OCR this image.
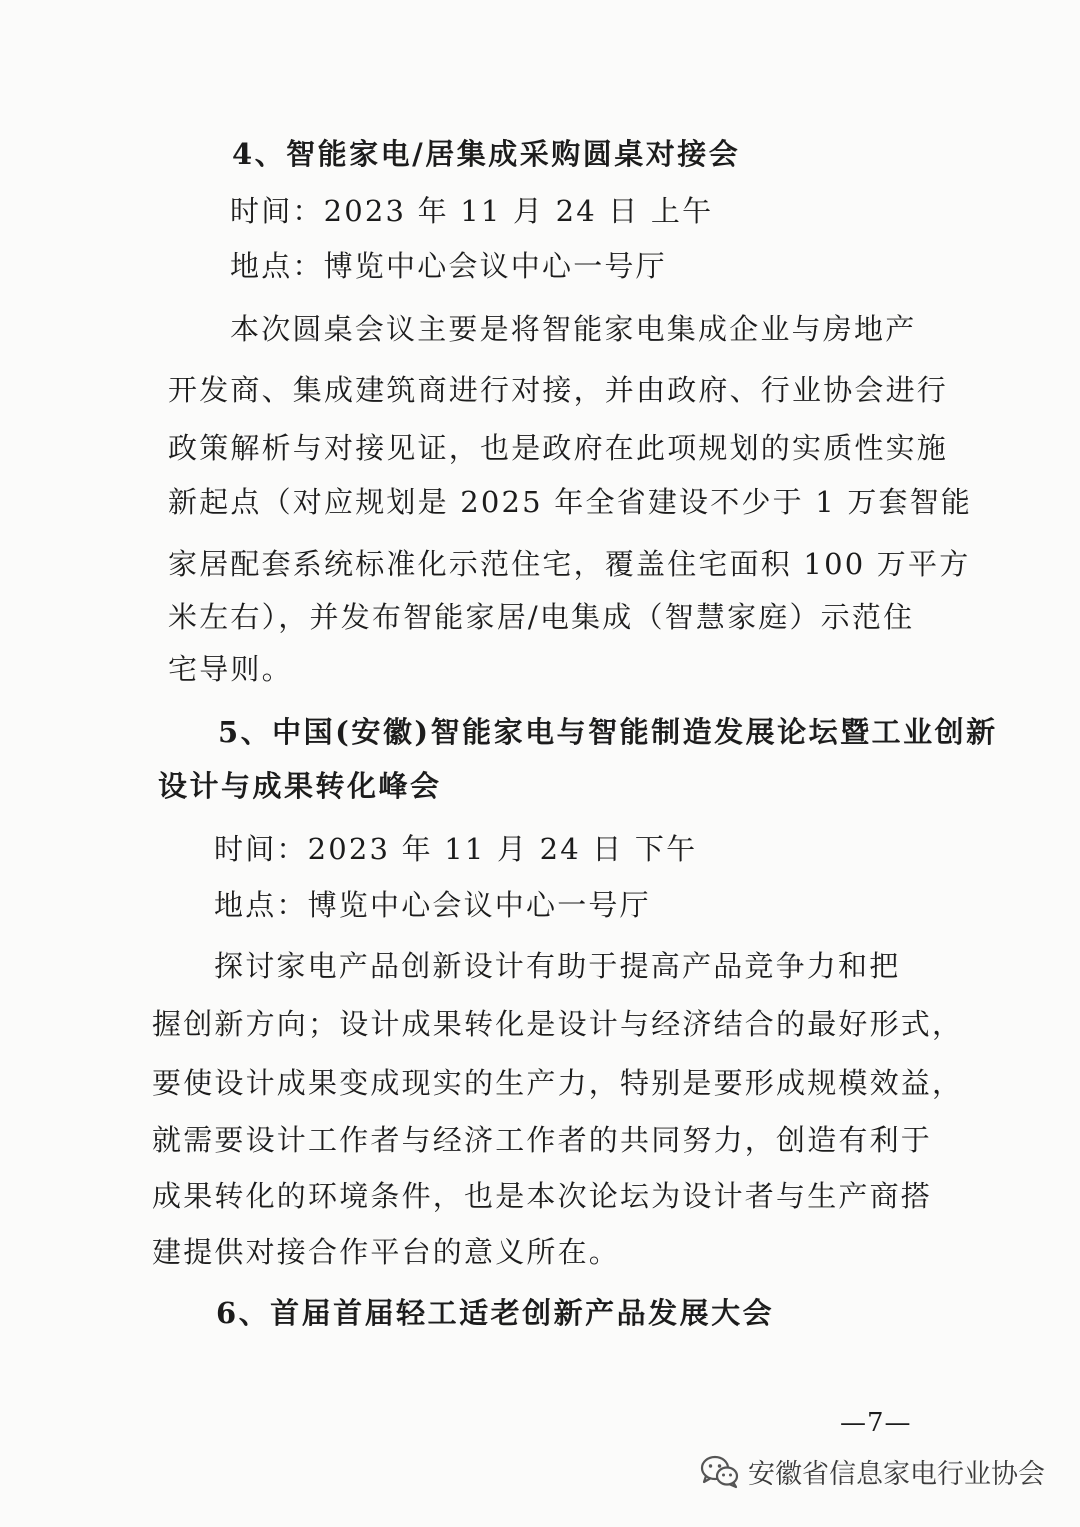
4、智能家电/居集成采购圆桌对接会
时间：2023 年 11 月 24 日 上午
地点：博览中心会议中心一号厅
本次圆桌会议主要是将智能家电集成企业与房地产
开发商、集成建筑商进行对接，并由政府、行业协会进行
政策解析与对接见证，也是政府在此项规划的实质性实施
新起点（对应规划是 2025 年全省建设不少于 1 万套智能
家居配套系统标准化示范住宅，覆盖住宅面积 100 万平方
米左右），并发布智能家居/电集成（智慧家庭）示范住
宅导则。
5、中国(安徽)智能家电与智能制造发展论坛暨工业创新
设计与成果转化峰会
时间：2023 年 11 月 24 日 下午
地点：博览中心会议中心一号厅
探讨家电产品创新设计有助于提高产品竞争力和把
握创新方向；设计成果转化是设计与经济结合的最好形式，
要使设计成果变成现实的生产力，特别是要形成规模效益，
就需要设计工作者与经济工作者的共同努力，创造有利于
成果转化的环境条件，也是本次论坛为设计者与生产商搭
建提供对接合作平台的意义所在。
6、首届首届轻工适老创新产品发展大会
—7—
安徽省信息家电行业协会
